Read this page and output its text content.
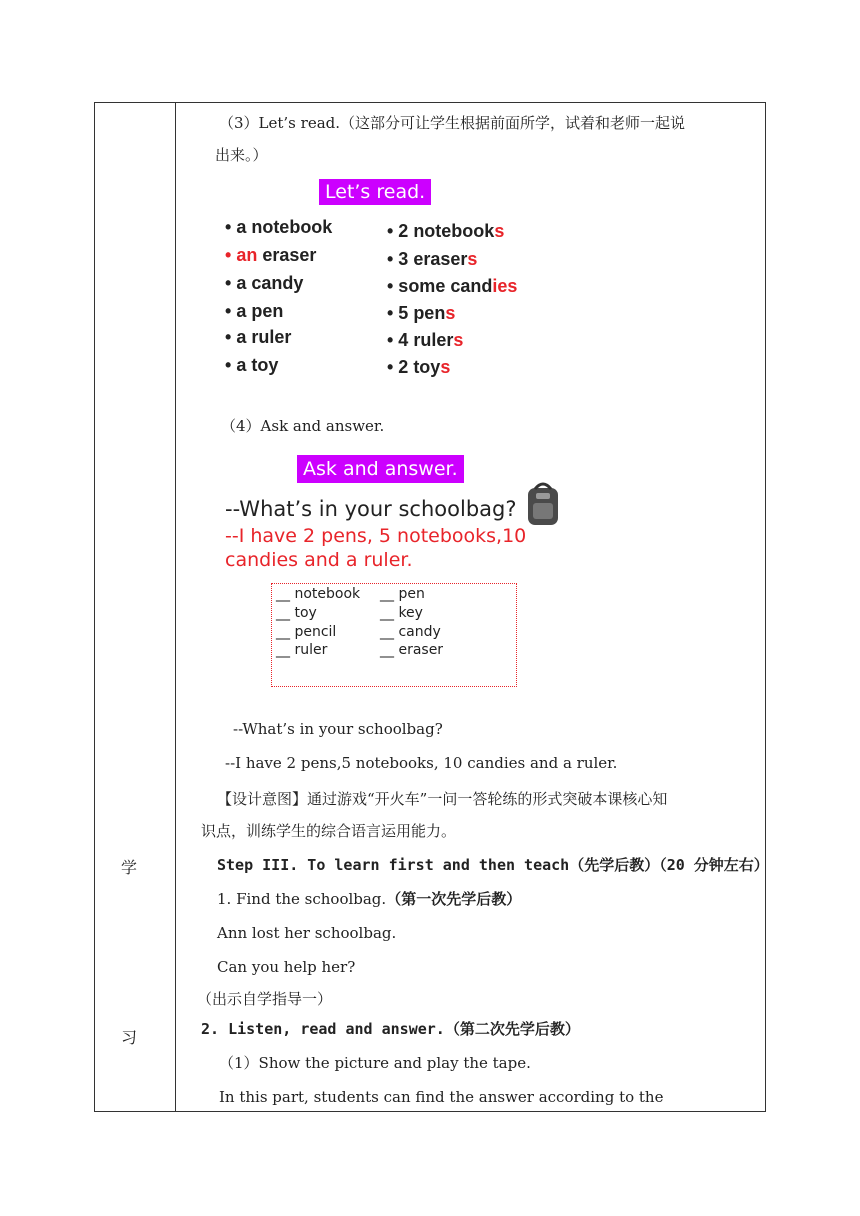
学
习
（3）Let’s read.（这部分可让学生根据前面所学，试着和老师一起说
出来。）
Let’s read.
• a notebook
• an eraser
• a candy
• a pen
• a ruler
• a toy
• 2 notebooks
• 3 erasers
• some candies
• 5 pens
• 4 rulers
• 2 toys
（4）Ask and answer.
Ask and answer.
--What’s in your schoolbag?
--I have 2 pens, 5 notebooks,10
candies and a ruler.
__ notebook
__ toy
__ pencil
__ ruler
__ pen
__ key
__ candy
__ eraser
--What’s in your schoolbag?
--I have 2 pens,5 notebooks, 10 candies and a ruler.
【设计意图】通过游戏“开火车”一问一答轮练的形式突破本课核心知
识点，训练学生的综合语言运用能力。
Step III. To learn first and then teach（先学后教）（20 分钟左右）
1. Find the schoolbag.（第一次先学后教）
Ann lost her schoolbag.
Can you help her?
（出示自学指导一）
2. Listen, read and answer.（第二次先学后教）
（1）Show the picture and play the tape.
In this part, students can find the answer according to the
